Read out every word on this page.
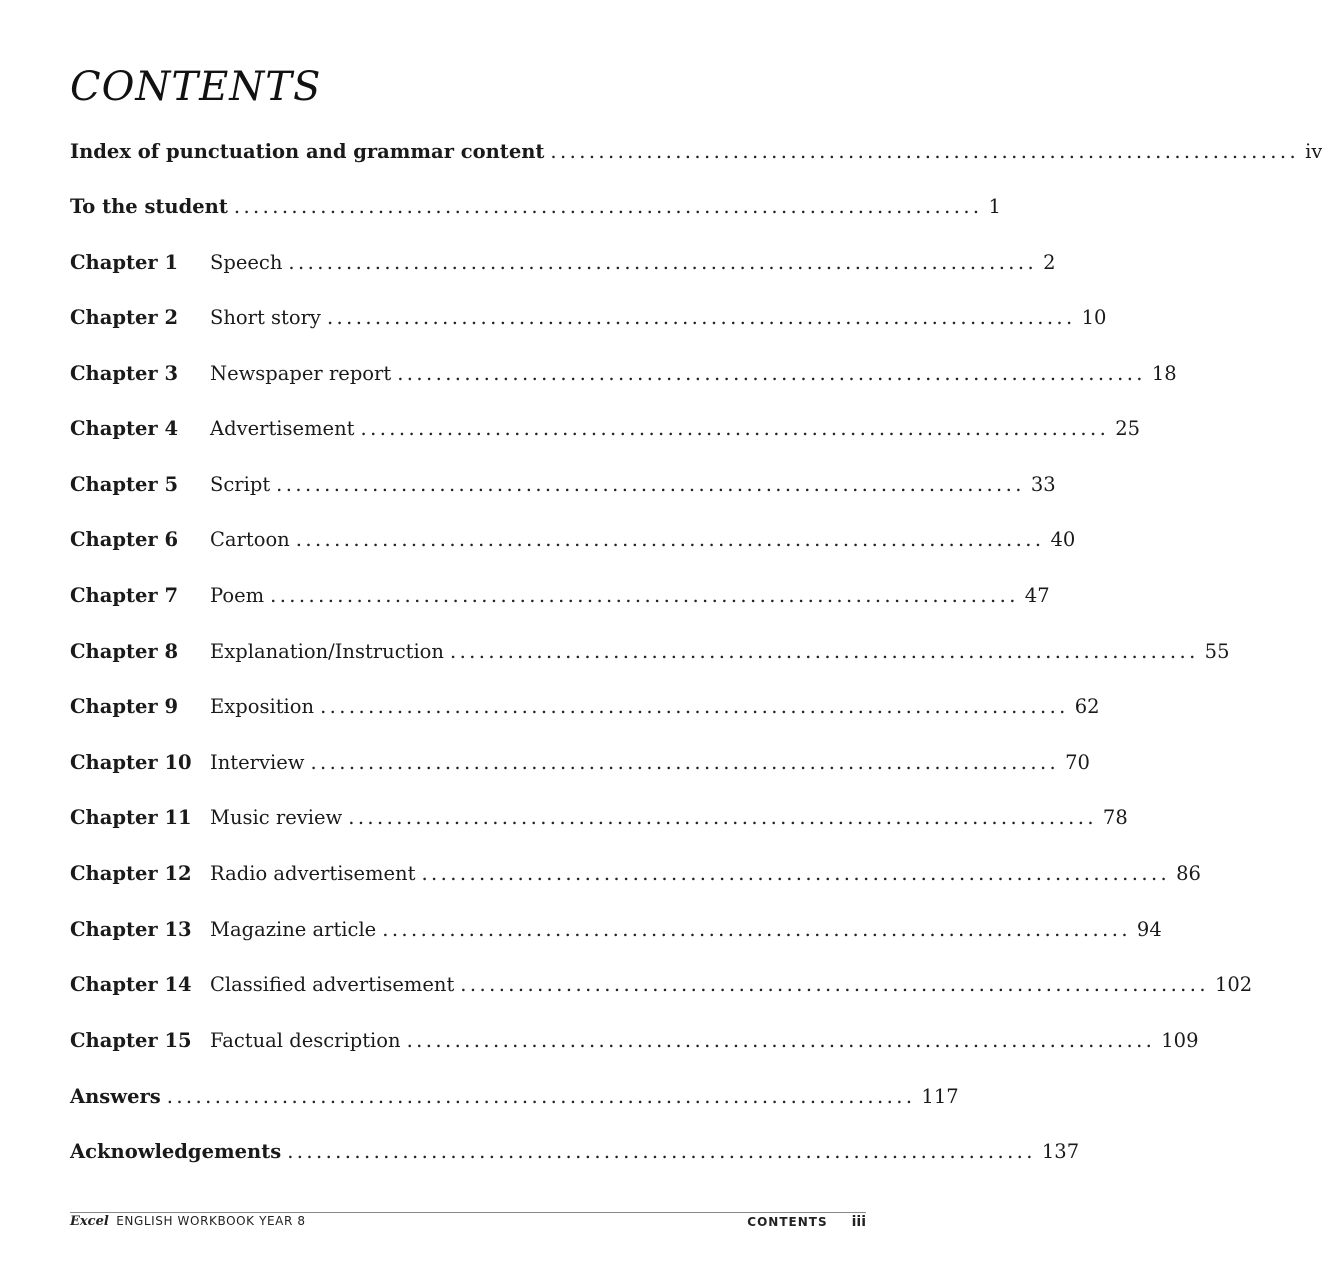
CONTENTS
Index of punctuation and grammar content .............................................................................. iv
To the student .............................................................................. 1
Chapter 1	Speech .............................................................................. 2
Chapter 2	Short story .............................................................................. 10
Chapter 3	Newspaper report .............................................................................. 18
Chapter 4	Advertisement .............................................................................. 25
Chapter 5	Script .............................................................................. 33
Chapter 6	Cartoon .............................................................................. 40
Chapter 7	Poem .............................................................................. 47
Chapter 8	Explanation/Instruction .............................................................................. 55
Chapter 9	Exposition .............................................................................. 62
Chapter 10 Interview .............................................................................. 70
Chapter 11 Music review .............................................................................. 78
Chapter 12 Radio advertisement .............................................................................. 86
Chapter 13 Magazine article .............................................................................. 94
Chapter 14 Classified advertisement .............................................................................. 102
Chapter 15 Factual description .............................................................................. 109
Answers .............................................................................. 117
Acknowledgements .............................................................................. 137
Excel ENGLISH WORKBOOK YEAR 8	CONTENTS iii
